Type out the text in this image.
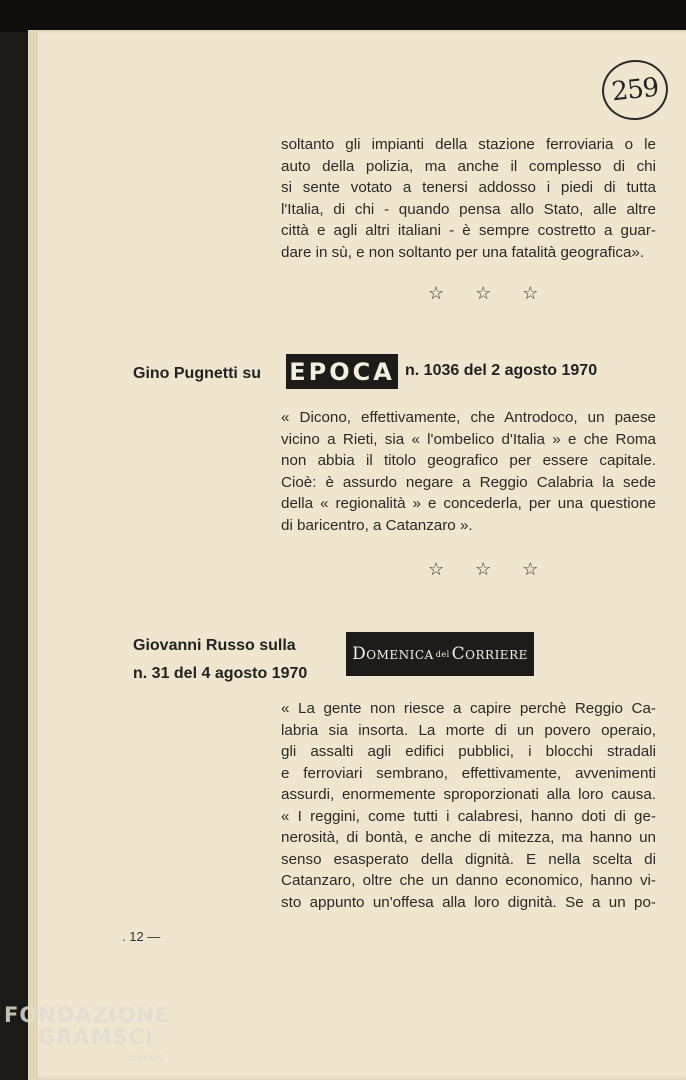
259
soltanto gli impianti della stazione ferroviaria o le
auto della polizia, ma anche il complesso di chi
si sente votato a tenersi addosso i piedi di tutta
l'Italia, di chi - quando pensa allo Stato, alle altre
città e agli altri italiani - è sempre costretto a guar-
dare in sù, e non soltanto per una fatalità geografica».
☆ ☆ ☆
Gino Pugnetti su EPOCA n. 1036 del 2 agosto 1970
« Dicono, effettivamente, che Antrodoco, un paese
vicino a Rieti, sia « l'ombelico d'Italia » e che Roma
non abbia il titolo geografico per essere capitale.
Cioè: è assurdo negare a Reggio Calabria la sede
della « regionalità » e concederla, per una questione
di baricentro, a Catanzaro ».
☆ ☆ ☆
Giovanni Russo sulla
n. 31 del 4 agosto 1970
Domenica del Corriere
« La gente non riesce a capire perchè Reggio Ca-
labria sia insorta. La morte di un povero operaio,
gli assalti agli edifici pubblici, i blocchi stradali
e ferroviari sembrano, effettivamente, avvenimenti
assurdi, enormemente sproporzionati alla loro causa.
« I reggini, come tutti i calabresi, hanno doti di ge-
nerosità, di bontà, e anche di mitezza, ma hanno un
senso esasperato della dignità. E nella scelta di
Catanzaro, oltre che un danno economico, hanno vi-
sto appunto un'offesa alla loro dignità. Se a un po-
. 12 —
FONDAZIONE
GRAMSCI
ONLUS
